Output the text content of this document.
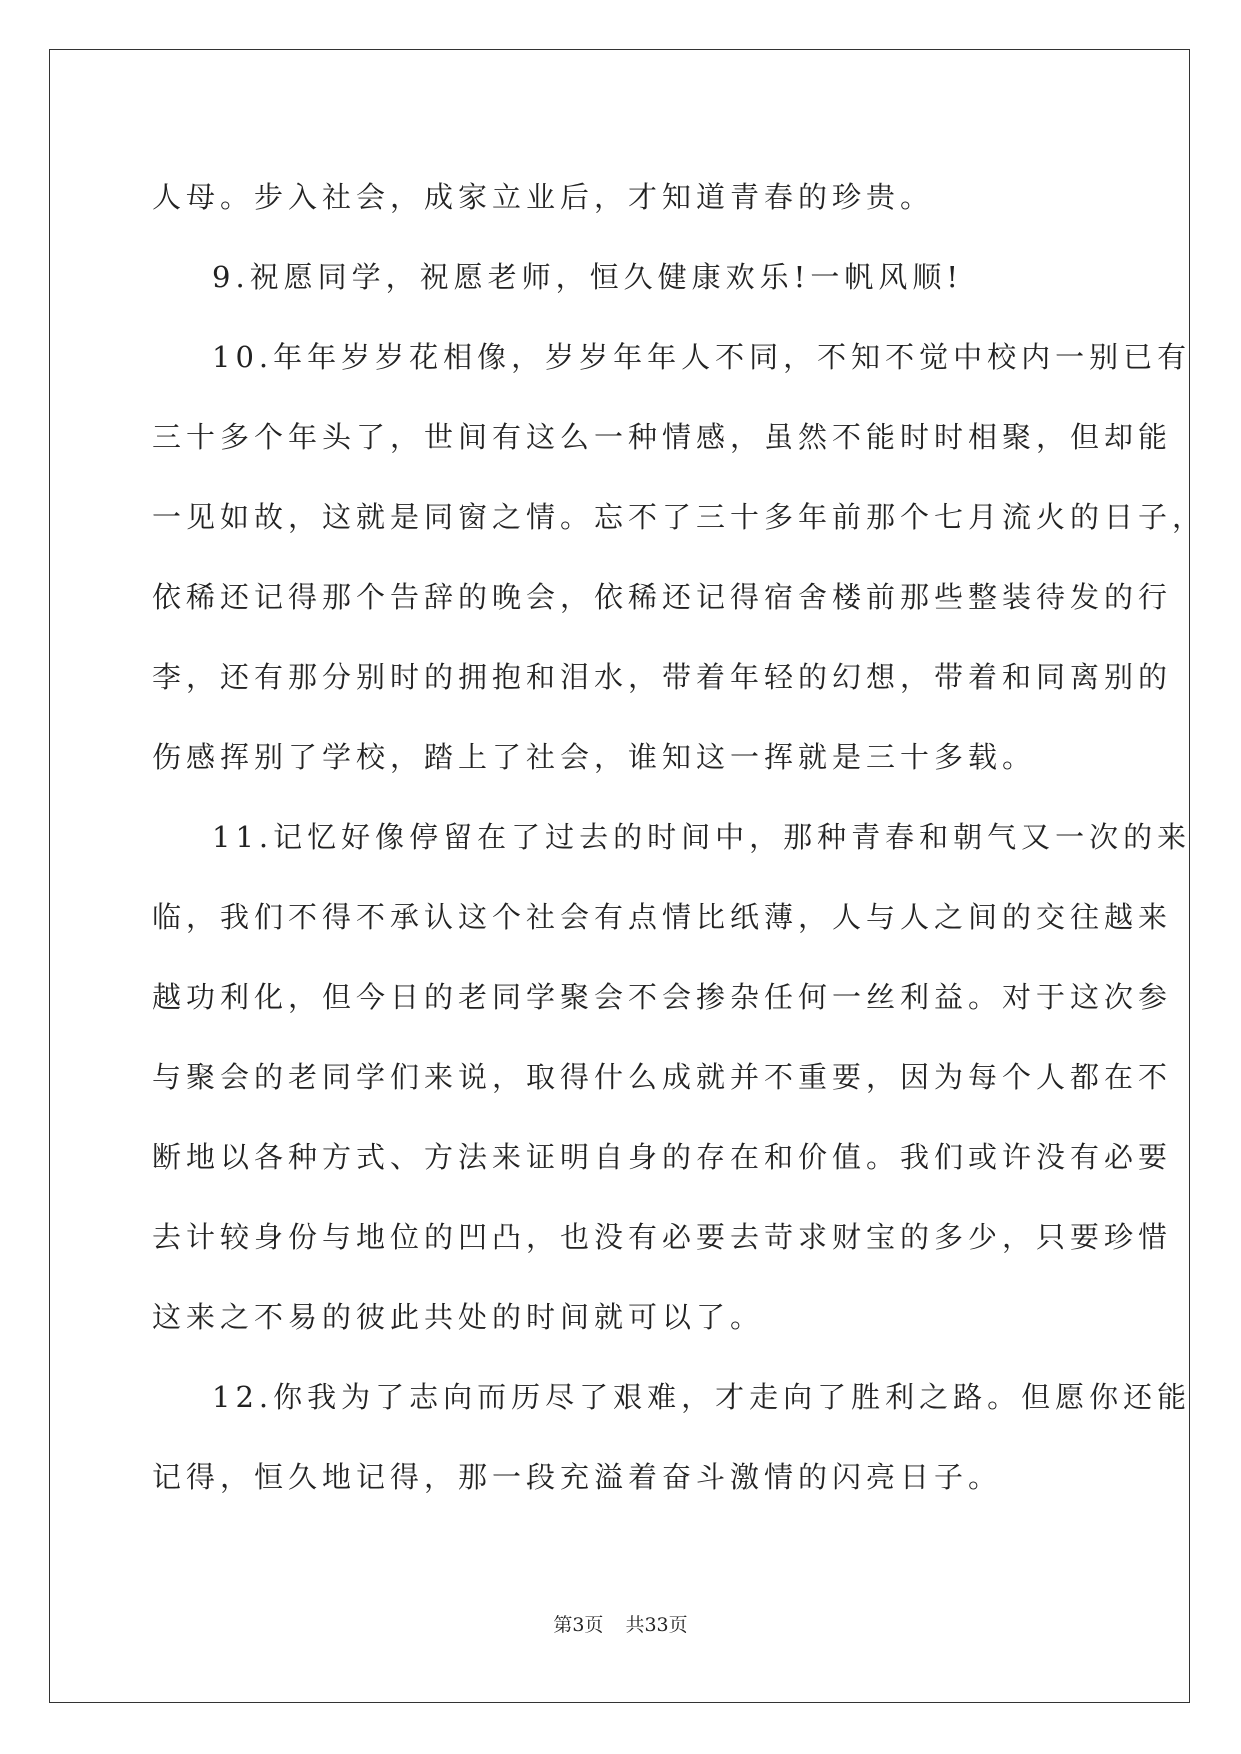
人母。步入社会，成家立业后，才知道青春的珍贵。
9.祝愿同学，祝愿老师，恒久健康欢乐!一帆风顺!
10.年年岁岁花相像，岁岁年年人不同，不知不觉中校内一别已有
三十多个年头了，世间有这么一种情感，虽然不能时时相聚，但却能
一见如故，这就是同窗之情。忘不了三十多年前那个七月流火的日子，
依稀还记得那个告辞的晚会，依稀还记得宿舍楼前那些整装待发的行
李，还有那分别时的拥抱和泪水，带着年轻的幻想，带着和同离别的
伤感挥别了学校，踏上了社会，谁知这一挥就是三十多载。
11.记忆好像停留在了过去的时间中，那种青春和朝气又一次的来
临，我们不得不承认这个社会有点情比纸薄，人与人之间的交往越来
越功利化，但今日的老同学聚会不会掺杂任何一丝利益。对于这次参
与聚会的老同学们来说，取得什么成就并不重要，因为每个人都在不
断地以各种方式、方法来证明自身的存在和价值。我们或许没有必要
去计较身份与地位的凹凸，也没有必要去苛求财宝的多少，只要珍惜
这来之不易的彼此共处的时间就可以了。
12.你我为了志向而历尽了艰难，才走向了胜利之路。但愿你还能
记得，恒久地记得，那一段充溢着奋斗激情的闪亮日子。
第3页 共33页
